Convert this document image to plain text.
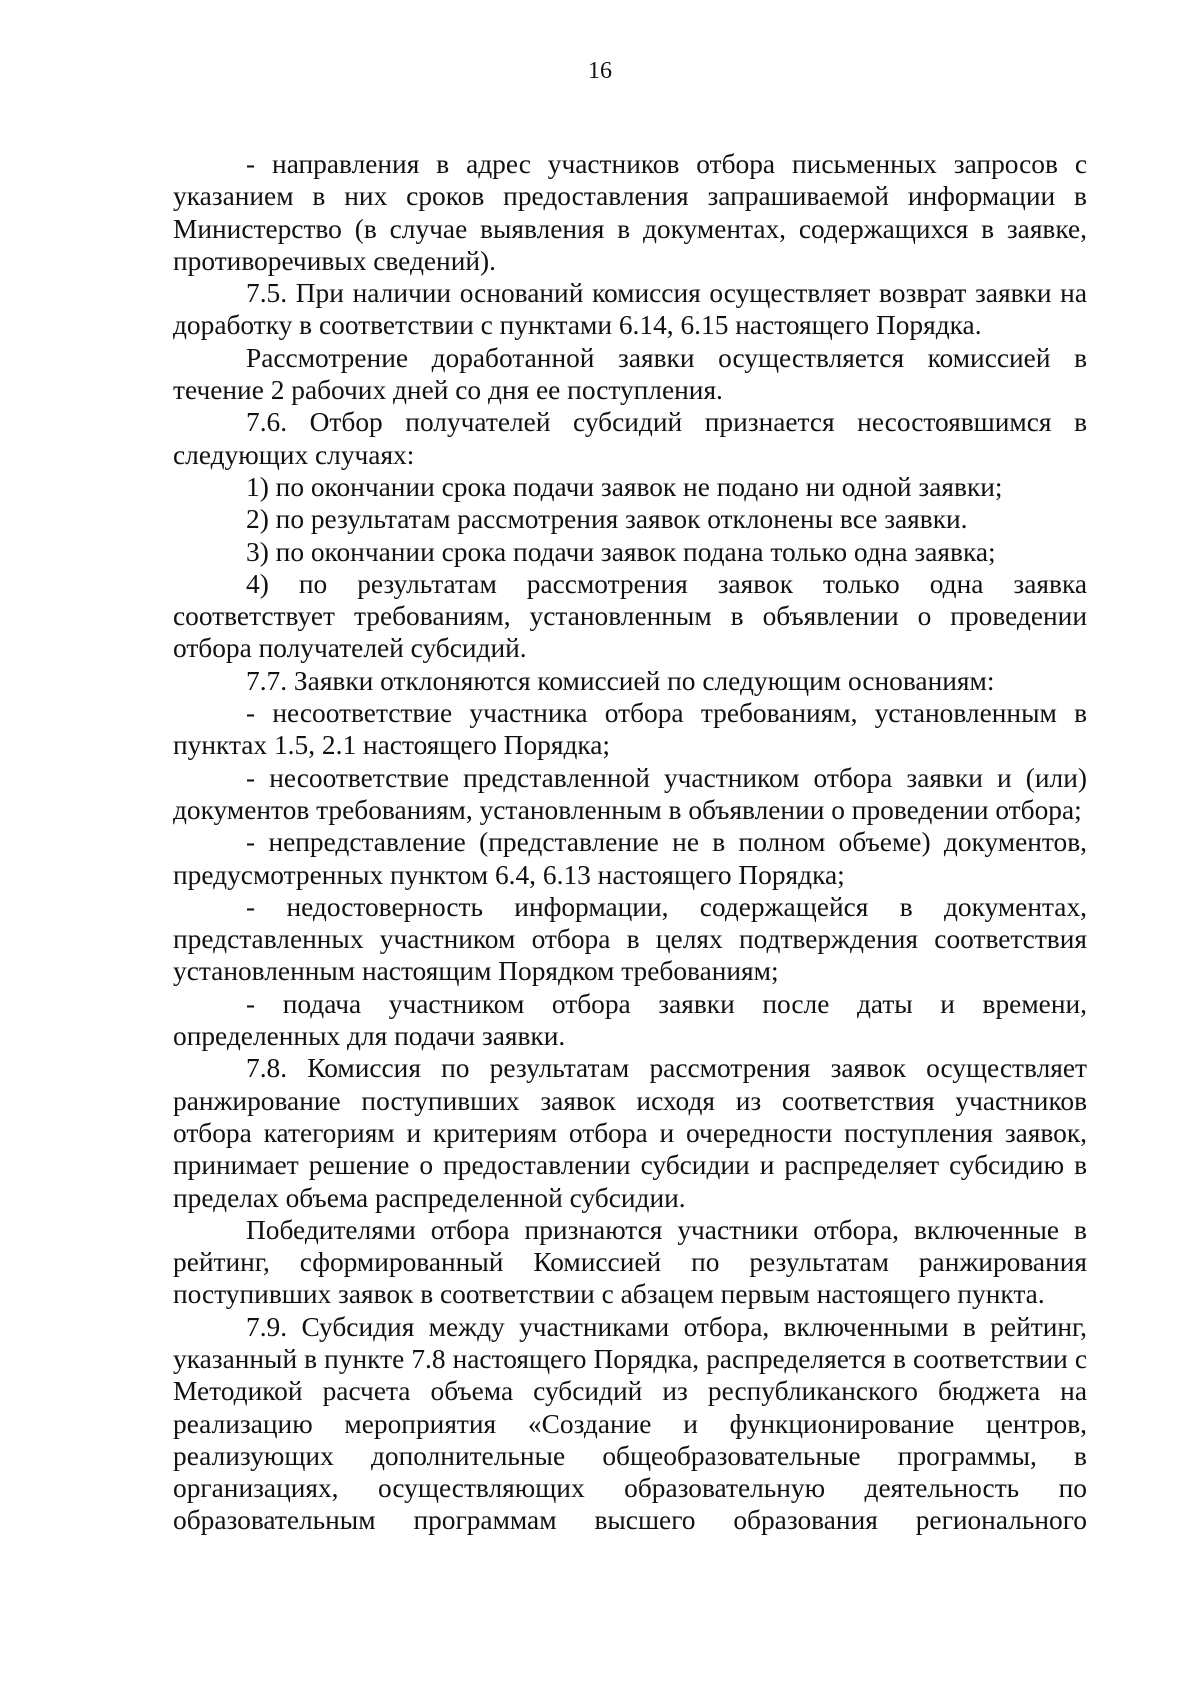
16

- направления в адрес участников отбора письменных запросов с указанием в них сроков предоставления запрашиваемой информации в Министерство (в случае выявления в документах, содержащихся в заявке, противоречивых сведений).

7.5. При наличии оснований комиссия осуществляет возврат заявки на доработку в соответствии с пунктами 6.14, 6.15 настоящего Порядка.

Рассмотрение доработанной заявки осуществляется комиссией в течение 2 рабочих дней со дня ее поступления.

7.6. Отбор получателей субсидий признается несостоявшимся в следующих случаях:

1) по окончании срока подачи заявок не подано ни одной заявки;

2) по результатам рассмотрения заявок отклонены все заявки.

3) по окончании срока подачи заявок подана только одна заявка;

4) по результатам рассмотрения заявок только одна заявка соответствует требованиям, установленным в объявлении о проведении отбора получателей субсидий.

7.7. Заявки отклоняются комиссией по следующим основаниям:

- несоответствие участника отбора требованиям, установленным в пунктах 1.5, 2.1 настоящего Порядка;

- несоответствие представленной участником отбора заявки и (или) документов требованиям, установленным в объявлении о проведении отбора;

- непредставление (представление не в полном объеме) документов, предусмотренных пунктом 6.4, 6.13 настоящего Порядка;

- недостоверность информации, содержащейся в документах, представленных участником отбора в целях подтверждения соответствия установленным настоящим Порядком требованиям;

- подача участником отбора заявки после даты и времени, определенных для подачи заявки.

7.8. Комиссия по результатам рассмотрения заявок осуществляет ранжирование поступивших заявок исходя из соответствия участников отбора категориям и критериям отбора и очередности поступления заявок, принимает решение о предоставлении субсидии и распределяет субсидию в пределах объема распределенной субсидии.

Победителями отбора признаются участники отбора, включенные в рейтинг, сформированный Комиссией по результатам ранжирования поступивших заявок в соответствии с абзацем первым настоящего пункта.

7.9. Субсидия между участниками отбора, включенными в рейтинг, указанный в пункте 7.8 настоящего Порядка, распределяется в соответствии с Методикой расчета объема субсидий из республиканского бюджета на реализацию мероприятия «Создание и функционирование центров, реализующих дополнительные общеобразовательные программы, в организациях, осуществляющих образовательную деятельность по образовательным программам высшего образования регионального
